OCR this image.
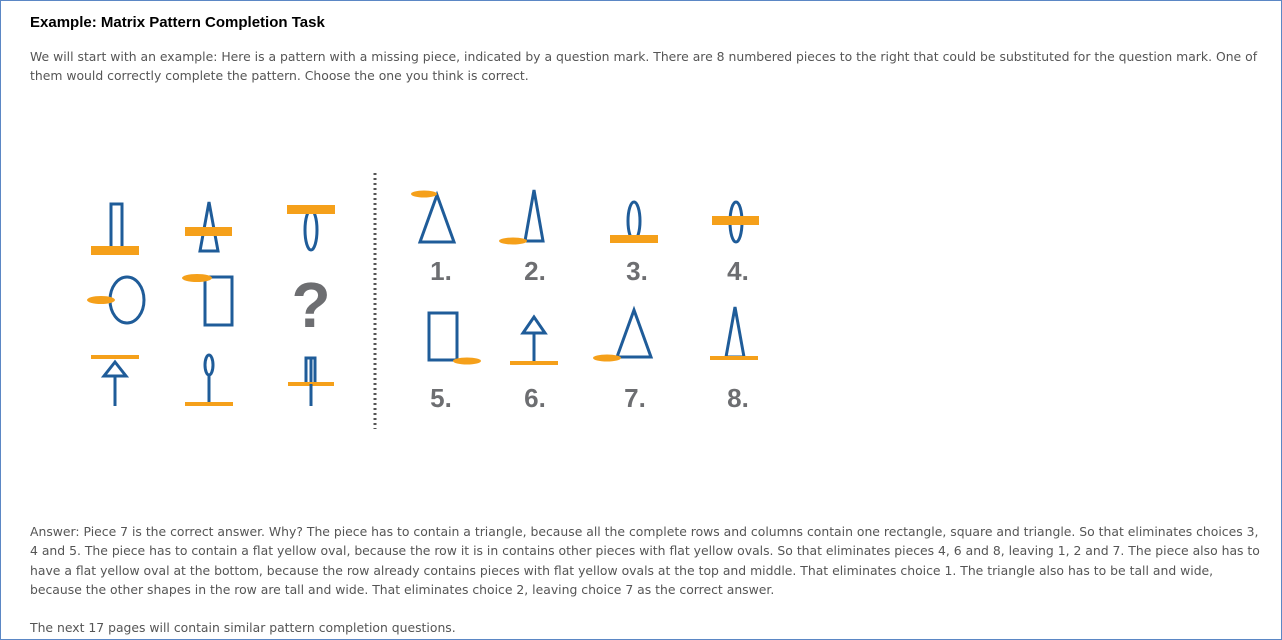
Example: Matrix Pattern Completion Task

We will start with an example: Here is a pattern with a missing piece, indicated by a question mark. There are 8 numbered pieces to the right that could be substituted for the question mark. One of them would correctly complete the pattern. Choose the one you think is correct.

?	1.	2.	3.	4.
5.	6.	7.	8.

Answer: Piece 7 is the correct answer. Why? The piece has to contain a triangle, because all the complete rows and columns contain one rectangle, square and triangle. So that eliminates choices 3, 4 and 5. The piece has to contain a flat yellow oval, because the row it is in contains other pieces with flat yellow ovals. So that eliminates pieces 4, 6 and 8, leaving 1, 2 and 7. The piece also has to have a flat yellow oval at the bottom, because the row already contains pieces with flat yellow ovals at the top and middle. That eliminates choice 1. The triangle also has to be tall and wide, because the other shapes in the row are tall and wide. That eliminates choice 2, leaving choice 7 as the correct answer.

The next 17 pages will contain similar pattern completion questions.
